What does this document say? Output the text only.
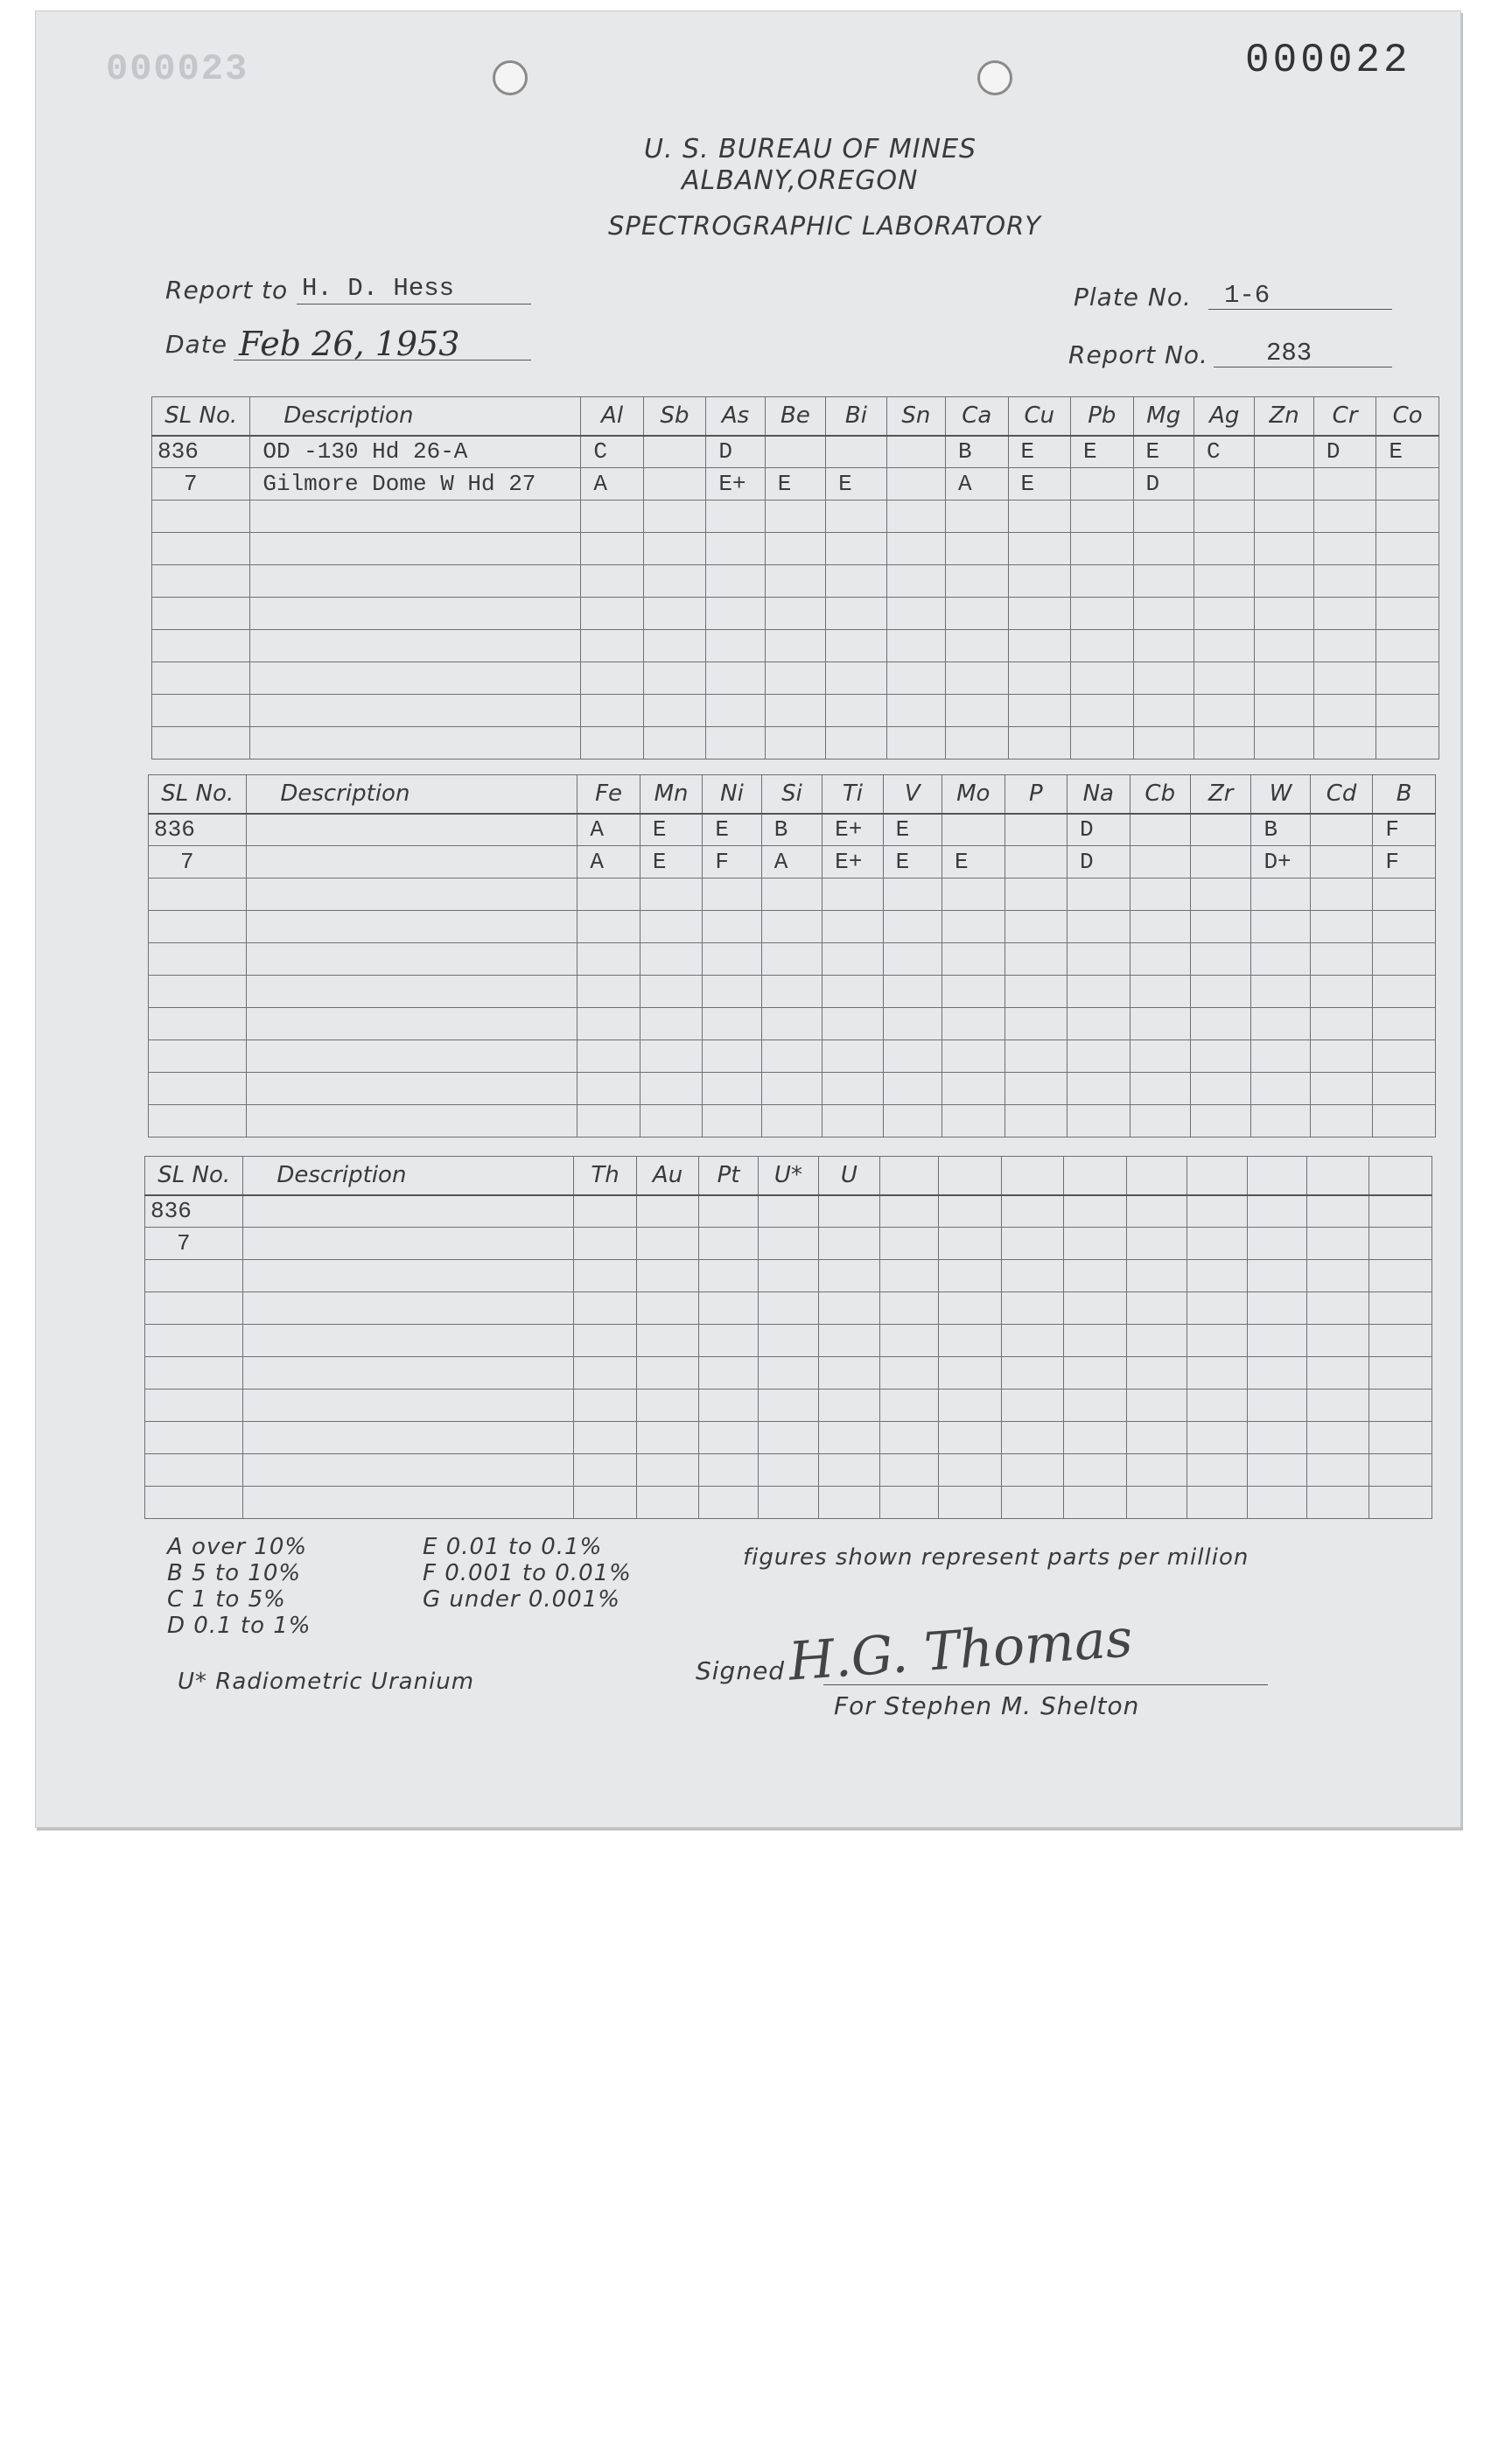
000023	000022
U. S. BUREAU OF MINES
ALBANY,OREGON
SPECTROGRAPHIC LABORATORY
Report to H. D. Hess
Date Feb 26, 1953
Plate No. 1-6
Report No. 283
SL No.	Description	Al	Sb	As	Be	Bi	Sn	Ca	Cu	Pb	Mg	Ag	Zn	Cr	Co
836	OD -130 Hd 26-A	C		D				B	E	E	E	C		D	E
7	Gilmore Dome W Hd 27	A		E+	E	E		A	E		D				

SL No.	Description	Fe	Mn	Ni	Si	Ti	V	Mo	P	Na	Cb	Zr	W	Cd	B
836		A	E	E	B	E+	E			D			B		F
7		A	E	F	A	E+	E	E		D			D+		F

SL No.	Description	Th	Au	Pt	U*	U									
836															
7															

A over 10%
B 5 to 10%
C 1 to 5%
D 0.1 to 1%
E 0.01 to 0.1%
F 0.001 to 0.01%
G under 0.001%
figures shown represent parts per million
U* Radiometric Uranium	Signed H.G. Thomas
For Stephen M. Shelton
